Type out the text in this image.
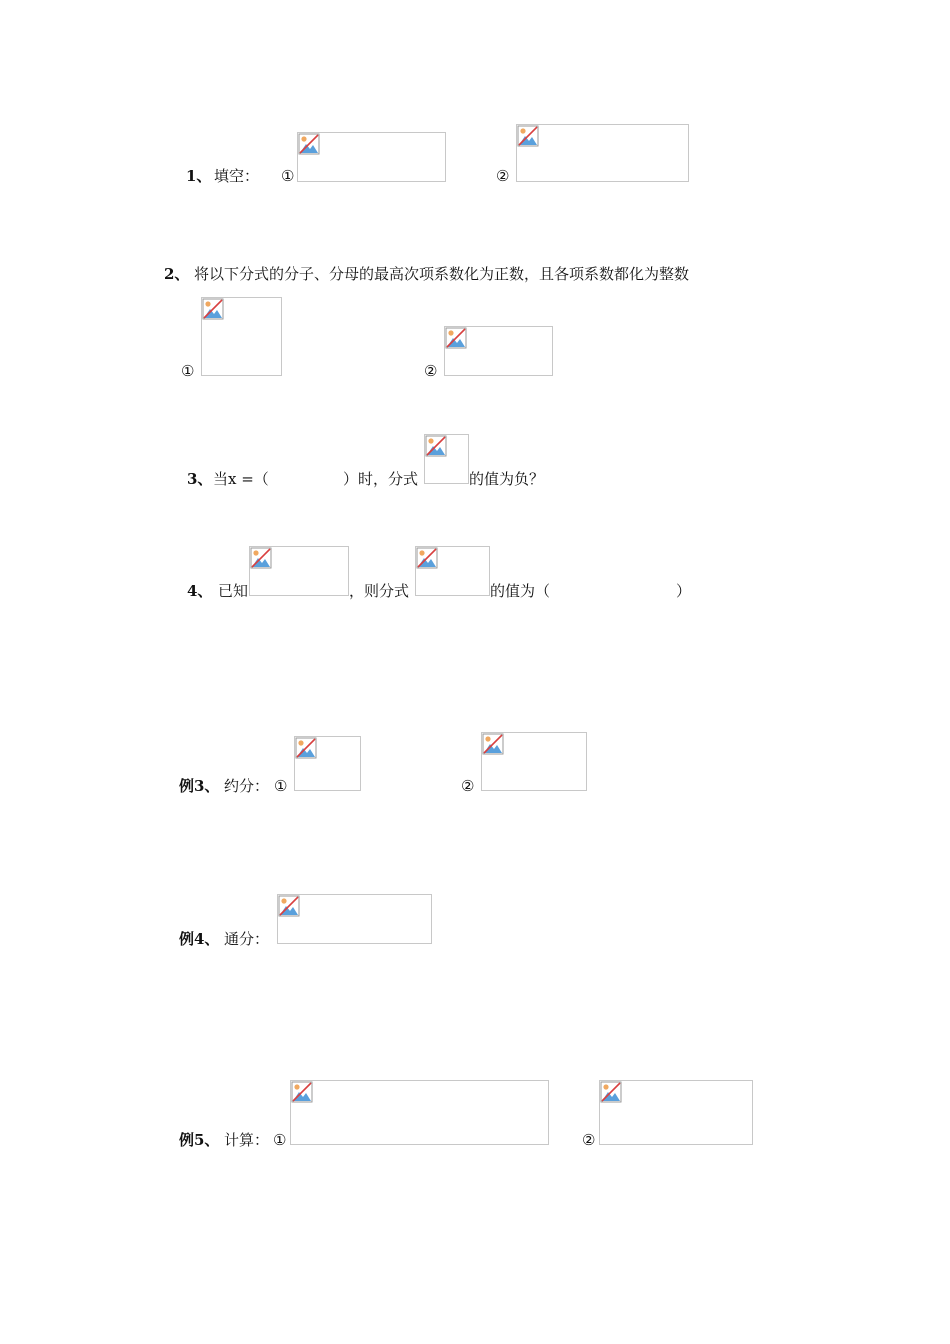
1、 填空： ①	②
2、 将以下分式的分子、分母的最高次项系数化为正数，且各项系数都化为整数
①	②
3、 当x =（	）时，分式	的值为负？
4、 已知	，则分式	的值为（	）
例3、 约分： ①	②
例4、 通分：
例5、 计算： ①	②
